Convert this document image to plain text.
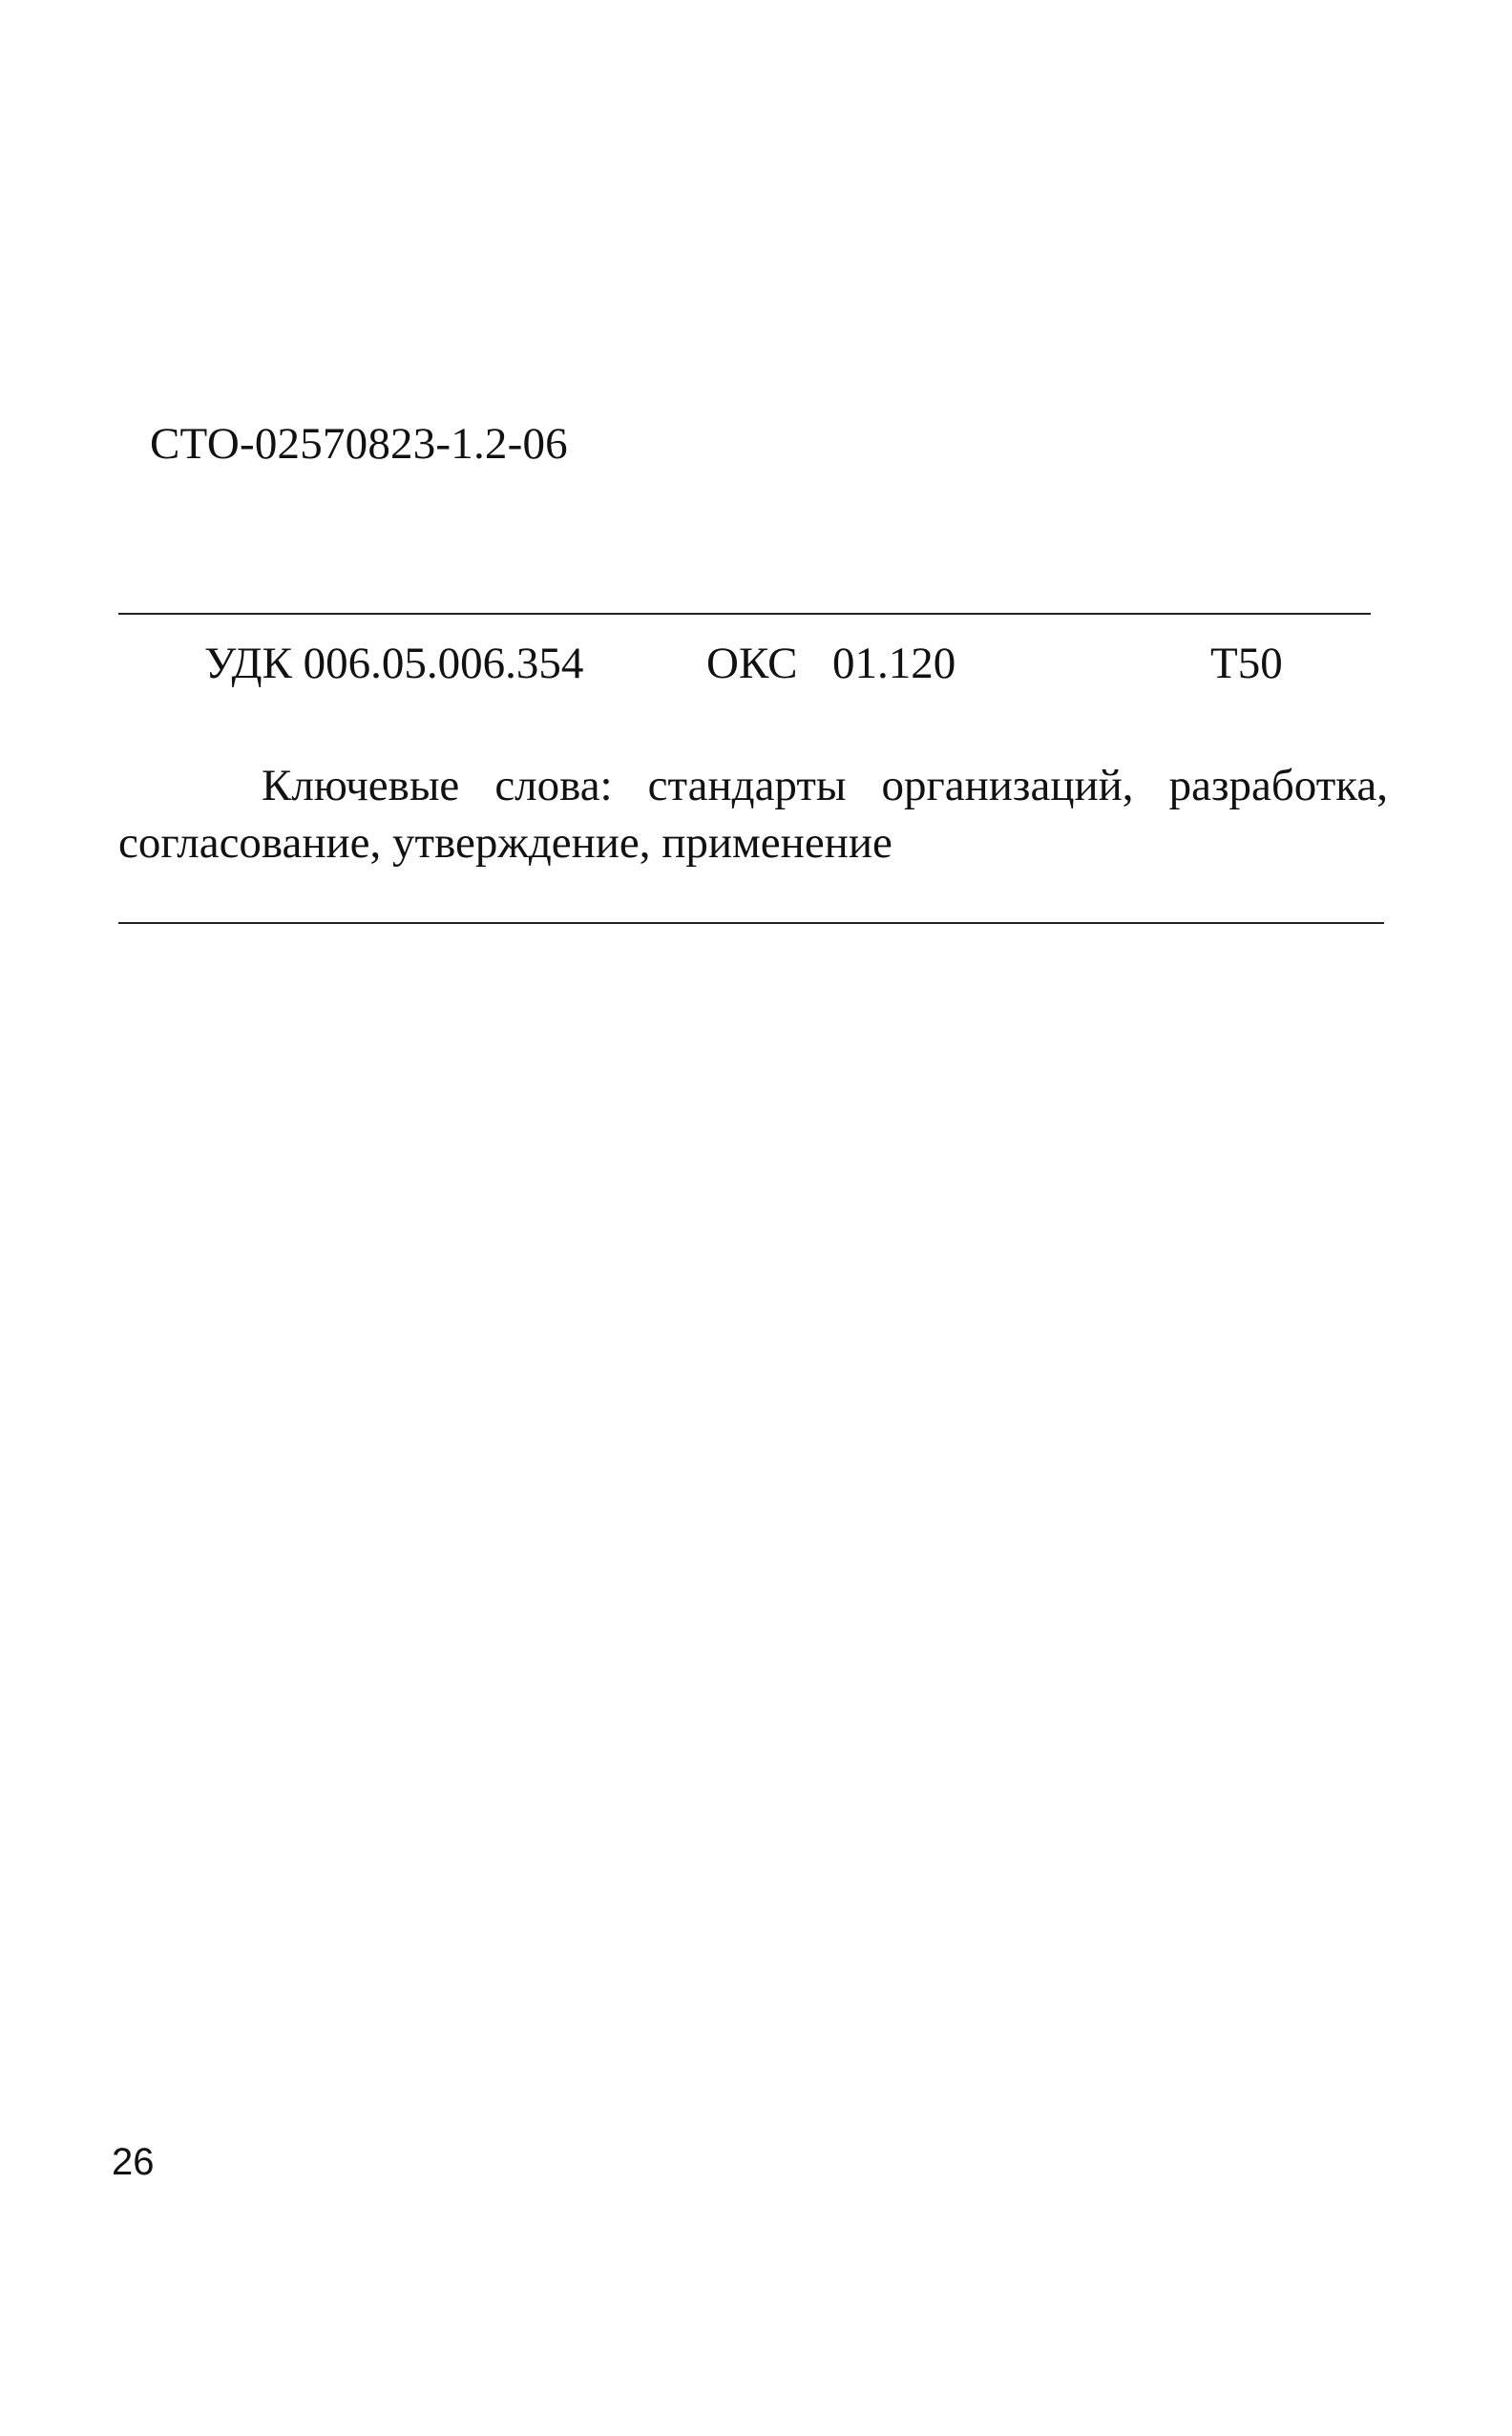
СТО-02570823-1.2-06
УДК 006.05.006.354	ОКС 01.120	Т50
Ключевые слова: стандарты организаций, разработка,
согласование, утверждение, применение
26
